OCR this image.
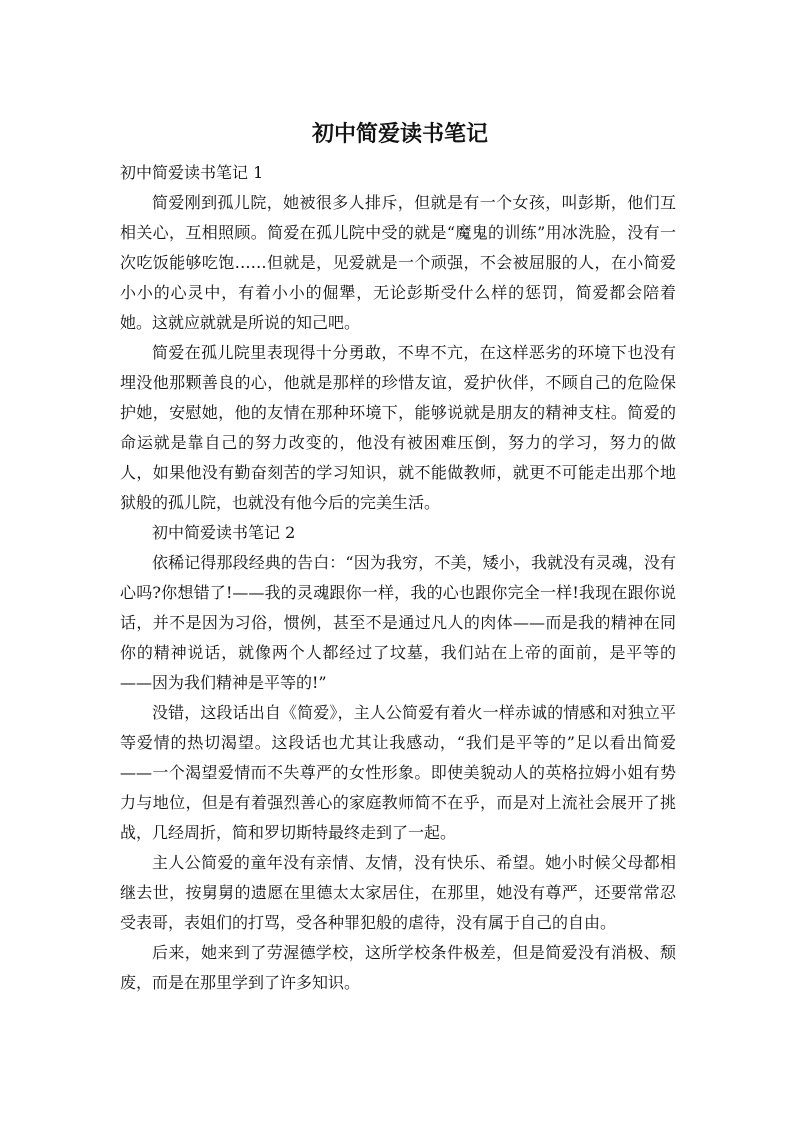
初中简爱读书笔记

初中简爱读书笔记 1

简爱刚到孤儿院，她被很多人排斥，但就是有一个女孩，叫彭斯，他们互相关心，互相照顾。简爱在孤儿院中受的就是“魔鬼的训练”用冰洗脸，没有一次吃饭能够吃饱……但就是，见爱就是一个顽强，不会被屈服的人，在小简爱小小的心灵中，有着小小的倔犟，无论彭斯受什么样的惩罚，简爱都会陪着她。这就应就就是所说的知己吧。

简爱在孤儿院里表现得十分勇敢，不卑不亢，在这样恶劣的环境下也没有埋没他那颗善良的心，他就是那样的珍惜友谊，爱护伙伴，不顾自己的危险保护她，安慰她，他的友情在那种环境下，能够说就是朋友的精神支柱。简爱的命运就是靠自己的努力改变的，他没有被困难压倒，努力的学习，努力的做人，如果他没有勤奋刻苦的学习知识，就不能做教师，就更不可能走出那个地狱般的孤儿院，也就没有他今后的完美生活。

初中简爱读书笔记 2

依稀记得那段经典的告白：“因为我穷，不美，矮小，我就没有灵魂，没有心吗?你想错了!——我的灵魂跟你一样，我的心也跟你完全一样!我现在跟你说话，并不是因为习俗，惯例，甚至不是通过凡人的肉体——而是我的精神在同你的精神说话，就像两个人都经过了坟墓，我们站在上帝的面前，是平等的——因为我们精神是平等的!”

没错，这段话出自《简爱》，主人公简爱有着火一样赤诚的情感和对独立平等爱情的热切渴望。这段话也尤其让我感动，“我们是平等的”足以看出简爱——一个渴望爱情而不失尊严的女性形象。即使美貌动人的英格拉姆小姐有势力与地位，但是有着强烈善心的家庭教师简不在乎，而是对上流社会展开了挑战，几经周折，简和罗切斯特最终走到了一起。

主人公简爱的童年没有亲情、友情，没有快乐、希望。她小时候父母都相继去世，按舅舅的遗愿在里德太太家居住，在那里，她没有尊严，还要常常忍受表哥，表姐们的打骂，受各种罪犯般的虐待，没有属于自己的自由。

后来，她来到了劳渥德学校，这所学校条件极差，但是简爱没有消极、颓废，而是在那里学到了许多知识。
